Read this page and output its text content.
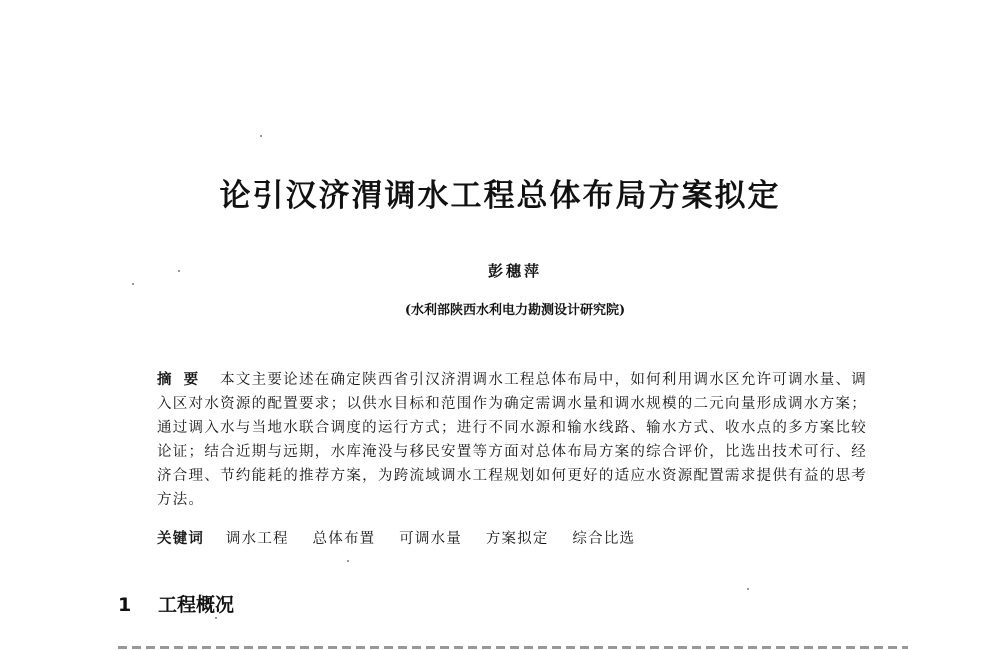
论引汉济渭调水工程总体布局方案拟定
彭穗萍
(水利部陕西水利电力勘测设计研究院)
摘要 本文主要论述在确定陕西省引汉济渭调水工程总体布局中，如何利用调水区允许可调水量、调入区对水资源的配置要求；以供水目标和范围作为确定需调水量和调水规模的二元向量形成调水方案；通过调入水与当地水联合调度的运行方式；进行不同水源和输水线路、输水方式、收水点的多方案比较论证；结合近期与远期，水库淹没与移民安置等方面对总体布局方案的综合评价，比选出技术可行、经济合理、节约能耗的推荐方案，为跨流域调水工程规划如何更好的适应水资源配置需求提供有益的思考方法。
关键词 调水工程 总体布置 可调水量 方案拟定 综合比选
1 工程概况
